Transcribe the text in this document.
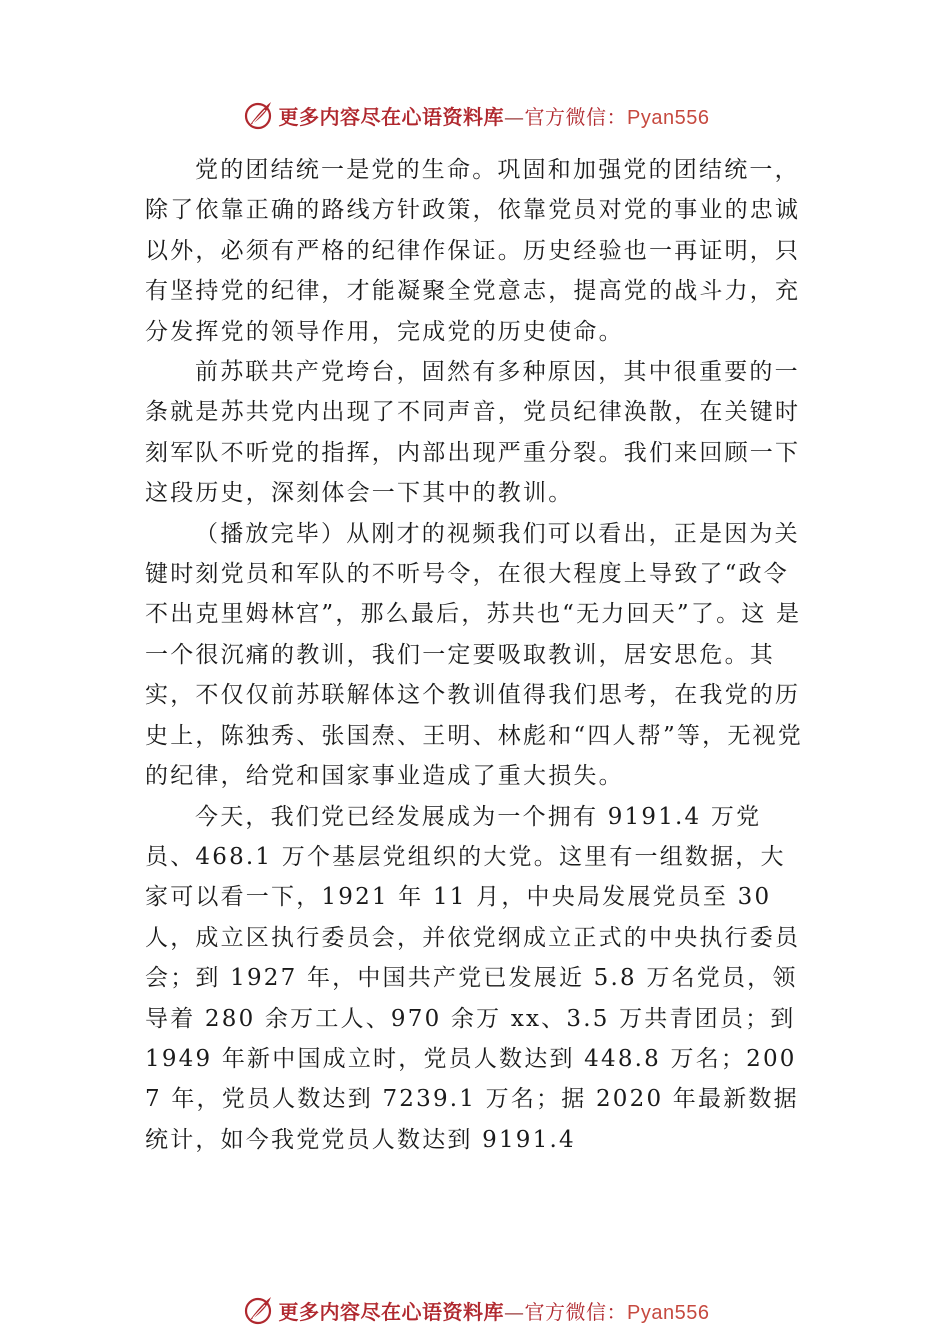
更多内容尽在心语资料库—官方微信：Pyan556

党的团结统一是党的生命。巩固和加强党的团结统一，除了依靠正确的路线方针政策，依靠党员对党的事业的忠诚以外，必须有严格的纪律作保证。历史经验也一再证明，只有坚持党的纪律，才能凝聚全党意志，提高党的战斗力，充分发挥党的领导作用，完成党的历史使命。

前苏联共产党垮台，固然有多种原因，其中很重要的一条就是苏共党内出现了不同声音，党员纪律涣散，在关键时刻军队不听党的指挥，内部出现严重分裂。我们来回顾一下这段历史，深刻体会一下其中的教训。

（播放完毕）从刚才的视频我们可以看出，正是因为关键时刻党员和军队的不听号令，在很大程度上导致了“政令不出克里姆林宫”，那么最后，苏共也“无力回天”了。这 是一个很沉痛的教训，我们一定要吸取教训，居安思危。其实，不仅仅前苏联解体这个教训值得我们思考，在我党的历史上，陈独秀、张国焘、王明、林彪和“四人帮”等，无视党的纪律，给党和国家事业造成了重大损失。

今天，我们党已经发展成为一个拥有 9191.4 万党员、468.1 万个基层党组织的大党。这里有一组数据，大家可以看一下，1921 年 11 月，中央局发展党员至 30 人，成立区执行委员会，并依党纲成立正式的中央执行委员会；到 1927 年，中国共产党已发展近 5.8 万名党员，领导着 280 余万工人、970 余万 xx、3.5 万共青团员；到 1949 年新中国成立时，党员人数达到 448.8 万名；2007 年，党员人数达到 7239.1 万名；据 2020 年最新数据统计，如今我党党员人数达到 9191.4

更多内容尽在心语资料库—官方微信：Pyan556
